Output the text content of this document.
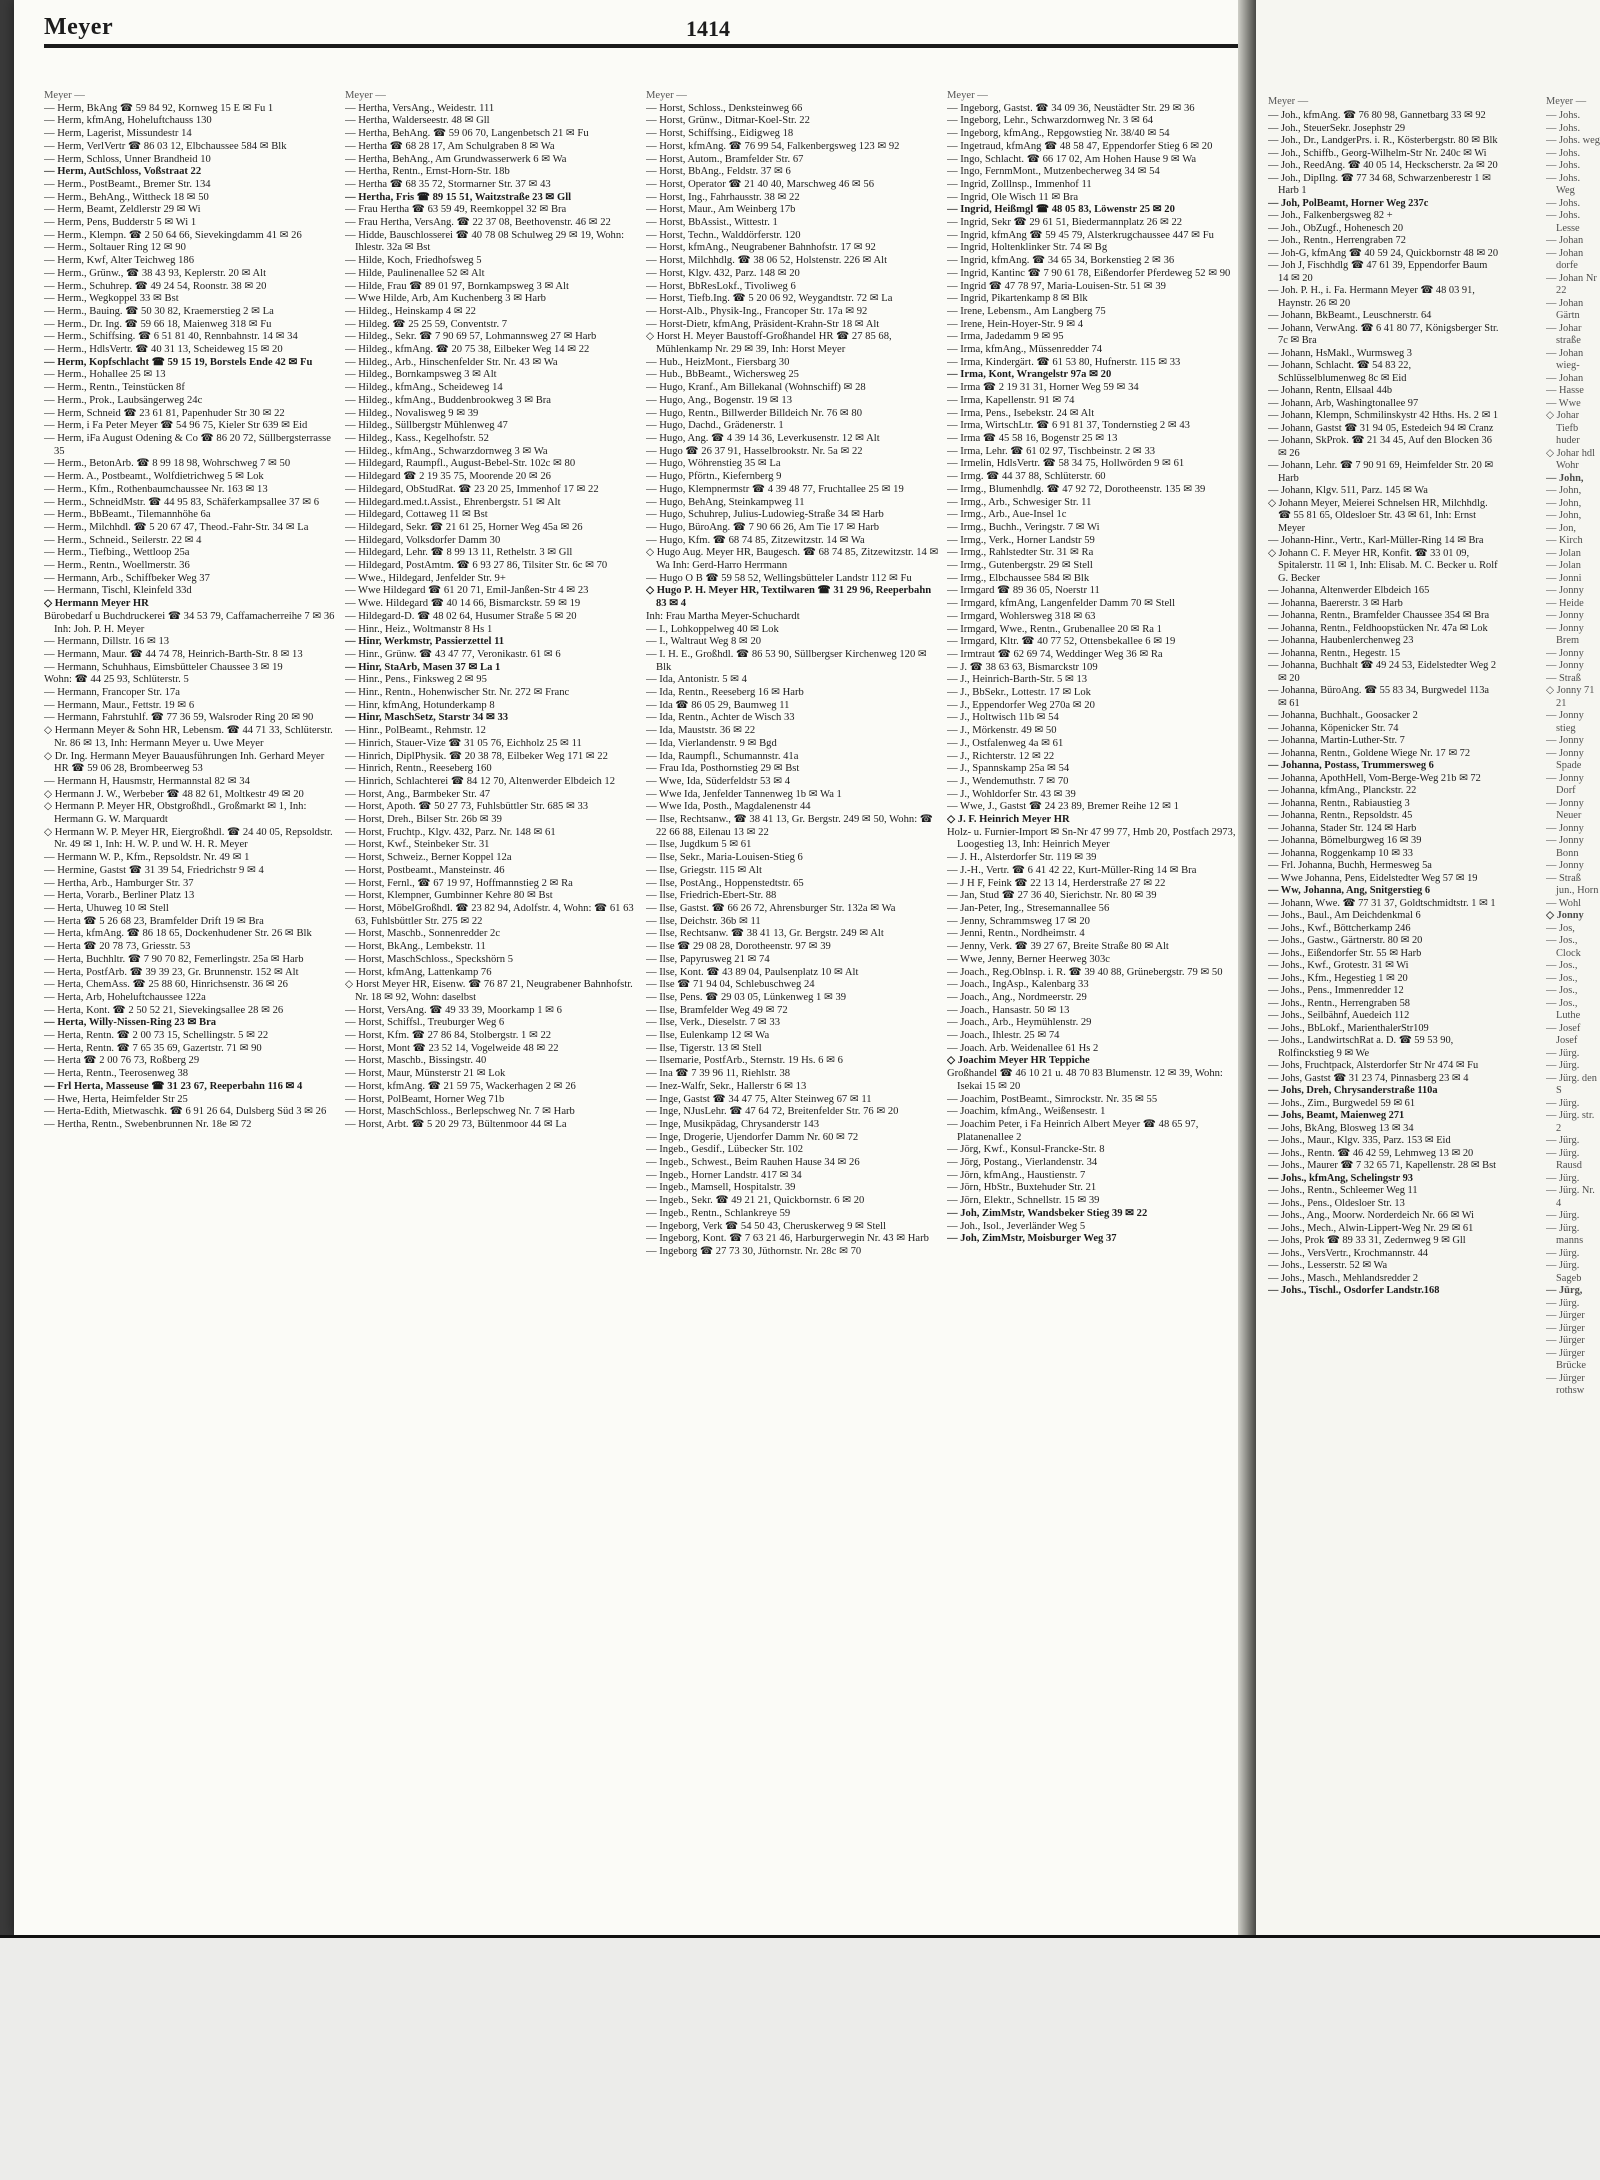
Meyer	1414
Meyer —

— Herm, BkAng ☎ 59 84 92, Kornweg 15 E ✉ Fu 1

— Herm, kfmAng, Hoheluftchauss 130

— Herm, Lagerist, Missundestr 14

— Herm, VerlVertr ☎ 86 03 12, Elbchaussee 584 ✉ Blk

— Herm, Schloss, Unner Brandheid 10

— Herm, AutSchloss, Voßstraat 22

— Herm., PostBeamt., Bremer Str. 134

— Herm., BehAng., Wittheck 18 ✉ 50

— Herm, Beamt, Zeldlerstr 29 ✉ Wi

— Herm, Pens, Budderstr 5 ✉ Wi 1

— Herm., Klempn. ☎ 2 50 64 66, Sievekingdamm 41 ✉ 26

— Herm., Soltauer Ring 12 ✉ 90

— Herm, Kwf, Alter Teichweg 186

— Herm., Grünw., ☎ 38 43 93, Keplerstr. 20 ✉ Alt

— Herm., Schuhrep. ☎ 49 24 54, Roonstr. 38 ✉ 20

— Herm., Wegkoppel 33 ✉ Bst

— Herm., Bauing. ☎ 50 30 82, Kraemerstieg 2 ✉ La

— Herm., Dr. Ing. ☎ 59 66 18, Maienweg 318 ✉ Fu

— Herm., Schiffsing. ☎ 6 51 81 40, Rennbahnstr. 14 ✉ 34

— Herm., HdlsVertr. ☎ 40 31 13, Scheideweg 15 ✉ 20

— Herm, Kopfschlacht ☎ 59 15 19, Borstels Ende 42 ✉ Fu

— Herm., Hohallee 25 ✉ 13

— Herm., Rentn., Teinstücken 8f

— Herm., Prok., Laubsängerweg 24c

— Herm, Schneid ☎ 23 61 81, Papenhuder Str 30 ✉ 22

— Herm, i Fa Peter Meyer ☎ 54 96 75, Kieler Str 639 ✉ Eid

— Herm, iFa August Odening & Co ☎ 86 20 72, Süllbergsterrasse 35

— Herm., BetonArb. ☎ 8 99 18 98, Wohrschweg 7 ✉ 50

— Herm. A., Postbeamt., Wolfdietrichweg 5 ✉ Lok

— Herm., Kfm., Rothenbaumchaussee Nr. 163 ✉ 13

— Herm., SchneidMstr. ☎ 44 95 83, Schäferkampsallee 37 ✉ 6

— Herm., BbBeamt., Tilemannhöhe 6a

— Herm., Milchhdl. ☎ 5 20 67 47, Theod.-Fahr-Str. 34 ✉ La

— Herm., Schneid., Seilerstr. 22 ✉ 4

— Herm., Tiefbing., Wettloop 25a

— Herm., Rentn., Woellmerstr. 36

— Hermann, Arb., Schiffbeker Weg 37

— Hermann, Tischl, Kleinfeld 33d

◇ Hermann Meyer HR

Bürobedarf u Buchdruckerei ☎ 34 53 79, Caffamacherreihe 7 ✉ 36 Inh: Joh. P. H. Meyer

— Hermann, Dillstr. 16 ✉ 13

— Hermann, Maur. ☎ 44 74 78, Heinrich-Barth-Str. 8 ✉ 13

— Hermann, Schuhhaus, Eimsbütteler Chaussee 3 ✉ 19

Wohn: ☎ 44 25 93, Schlüterstr. 5

— Hermann, Francoper Str. 17a

— Hermann, Maur., Fettstr. 19 ✉ 6

— Hermann, Fahrstuhlf. ☎ 77 36 59, Walsroder Ring 20 ✉ 90

◇ Hermann Meyer & Sohn HR, Lebensm. ☎ 44 71 33, Schlüterstr. Nr. 86 ✉ 13, Inh: Hermann Meyer u. Uwe Meyer

◇ Dr. Ing. Hermann Meyer Bauausführungen Inh. Gerhard Meyer HR ☎ 59 06 28, Brombeerweg 53

— Hermann H, Hausmstr, Hermannstal 82 ✉ 34

◇ Hermann J. W., Werbeber ☎ 48 82 61, Moltkestr 49 ✉ 20

◇ Hermann P. Meyer HR, Obstgroßhdl., Großmarkt ✉ 1, Inh: Hermann G. W. Marquardt

◇ Hermann W. P. Meyer HR, Eiergroßhdl. ☎ 24 40 05, Repsoldstr. Nr. 49 ✉ 1, Inh: H. W. P. und W. H. R. Meyer

— Hermann W. P., Kfm., Repsoldstr. Nr. 49 ✉ 1

— Hermine, Gastst ☎ 31 39 54, Friedrichstr 9 ✉ 4

— Hertha, Arb., Hamburger Str. 37

— Herta, Vorarb., Berliner Platz 13

— Herta, Uhuweg 10 ✉ Stell

— Herta ☎ 5 26 68 23, Bramfelder Drift 19 ✉ Bra

— Herta, kfmAng. ☎ 86 18 65, Dockenhudener Str. 26 ✉ Blk

— Herta ☎ 20 78 73, Griesstr. 53

— Herta, Buchhltr. ☎ 7 90 70 82, Femerlingstr. 25a ✉ Harb

— Herta, PostfArb. ☎ 39 39 23, Gr. Brunnenstr. 152 ✉ Alt

— Herta, ChemAss. ☎ 25 88 60, Hinrichsenstr. 36 ✉ 26

— Herta, Arb, Hoheluftchaussee 122a

— Herta, Kont. ☎ 2 50 52 21, Sievekingsallee 28 ✉ 26

— Herta, Willy-Nissen-Ring 23 ✉ Bra

— Herta, Rentn. ☎ 2 00 73 15, Schellingstr. 5 ✉ 22

— Herta, Rentn. ☎ 7 65 35 69, Gazertstr. 71 ✉ 90

— Herta ☎ 2 00 76 73, Roßberg 29

— Herta, Rentn., Teerosenweg 38

— Frl Herta, Masseuse ☎ 31 23 67, Reeperbahn 116 ✉ 4

— Hwe, Herta, Heimfelder Str 25

— Herta-Edith, Mietwaschk. ☎ 6 91 26 64, Dulsberg Süd 3 ✉ 26

— Hertha, Rentn., Swebenbrunnen Nr. 18e ✉ 72

Meyer —

— Hertha, VersAng., Weidestr. 111

— Hertha, Walderseestr. 48 ✉ Gll

— Hertha, BehAng. ☎ 59 06 70, Langenbetsch 21 ✉ Fu

— Hertha ☎ 68 28 17, Am Schulgraben 8 ✉ Wa

— Hertha, BehAng., Am Grundwasserwerk 6 ✉ Wa

— Hertha, Rentn., Ernst-Horn-Str. 18b

— Hertha ☎ 68 35 72, Stormarner Str. 37 ✉ 43

— Hertha, Fris ☎ 89 15 51, Waitzstraße 23 ✉ Gll

— Frau Hertha ☎ 63 59 49, Reemkoppel 32 ✉ Bra

— Frau Hertha, VersAng. ☎ 22 37 08, Beethovenstr. 46 ✉ 22

— Hidde, Bauschlosserei ☎ 40 78 08 Schulweg 29 ✉ 19, Wohn: Ihlestr. 32a ✉ Bst

— Hilde, Koch, Friedhofsweg 5

— Hilde, Paulinenallee 52 ✉ Alt

— Hilde, Frau ☎ 89 01 97, Bornkampsweg 3 ✉ Alt

— Wwe Hilde, Arb, Am Kuchenberg 3 ✉ Harb

— Hildeg., Heinskamp 4 ✉ 22

— Hildeg. ☎ 25 25 59, Conventstr. 7

— Hildeg., Sekr. ☎ 7 90 69 57, Lohmannsweg 27 ✉ Harb

— Hildeg., kfmAng. ☎ 20 75 38, Eilbeker Weg 14 ✉ 22

— Hildeg., Arb., Hinschenfelder Str. Nr. 43 ✉ Wa

— Hildeg., Bornkampsweg 3 ✉ Alt

— Hildeg., kfmAng., Scheideweg 14

— Hildeg., kfmAng., Buddenbrookweg 3 ✉ Bra

— Hildeg., Novalisweg 9 ✉ 39

— Hildeg., Süllbergstr Mühlenweg 47

— Hildeg., Kass., Kegelhofstr. 52

— Hildeg., kfmAng., Schwarzdornweg 3 ✉ Wa

— Hildegard, Raumpfl., August-Bebel-Str. 102c ✉ 80

— Hildegard ☎ 2 19 35 75, Moorende 20 ✉ 26

— Hildegard, ObStudRat. ☎ 23 20 25, Immenhof 17 ✉ 22

— Hildegard.med.t.Assist., Ehrenbergstr. 51 ✉ Alt

— Hildegard, Cottaweg 11 ✉ Bst

— Hildegard, Sekr. ☎ 21 61 25, Horner Weg 45a ✉ 26

— Hildegard, Volksdorfer Damm 30

— Hildegard, Lehr. ☎ 8 99 13 11, Rethelstr. 3 ✉ Gll

— Hildegard, PostAmtm. ☎ 6 93 27 86, Tilsiter Str. 6c ✉ 70

— Wwe., Hildegard, Jenfelder Str. 9+

— Wwe Hildegard ☎ 61 20 71, Emil-Janßen-Str 4 ✉ 23

— Wwe. Hildegard ☎ 40 14 66, Bismarckstr. 59 ✉ 19

— Hildegard-D. ☎ 48 02 64, Husumer Straße 5 ✉ 20

— Hinr., Heiz., Woltmanstr 8 Hs 1

— Hinr, Werkmstr, Passierzettel 11

— Hinr., Grünw. ☎ 43 47 77, Veronikastr. 61 ✉ 6

— Hinr, StaArb, Masen 37 ✉ La 1

— Hinr., Pens., Finksweg 2 ✉ 95

— Hinr., Rentn., Hohenwischer Str. Nr. 272 ✉ Franc

— Hinr, kfmAng, Hotunderkamp 8

— Hinr, MaschSetz, Starstr 34 ✉ 33

— Hinr., PolBeamt., Rehmstr. 12

— Hinrich, Stauer-Vize ☎ 31 05 76, Eichholz 25 ✉ 11

— Hinrich, DiplPhysik. ☎ 20 38 78, Eilbeker Weg 171 ✉ 22

— Hinrich, Rentn., Reeseberg 160

— Hinrich, Schlachterei ☎ 84 12 70, Altenwerder Elbdeich 12

— Horst, Ang., Barmbeker Str. 47

— Horst, Apoth. ☎ 50 27 73, Fuhlsbüttler Str. 685 ✉ 33

— Horst, Dreh., Bilser Str. 26b ✉ 39

— Horst, Fruchtp., Klgv. 432, Parz. Nr. 148 ✉ 61

— Horst, Kwf., Steinbeker Str. 31

— Horst, Schweiz., Berner Koppel 12a

— Horst, Postbeamt., Mansteinstr. 46

— Horst, Fernl., ☎ 67 19 97, Hoffmannstieg 2 ✉ Ra

— Horst, Klempner, Gumbinner Kehre 80 ✉ Bst

— Horst, MöbelGroßhdl. ☎ 23 82 94, Adolfstr. 4, Wohn: ☎ 61 63 63, Fuhlsbüttler Str. 275 ✉ 22

— Horst, Maschb., Sonnenredder 2c

— Horst, BkAng., Lembekstr. 11

— Horst, MaschSchloss., Speckshörn 5

— Horst, kfmAng, Lattenkamp 76

◇ Horst Meyer HR, Eisenw. ☎ 76 87 21, Neugrabener Bahnhofstr. Nr. 18 ✉ 92, Wohn: daselbst

— Horst, VersAng. ☎ 49 33 39, Moorkamp 1 ✉ 6

— Horst, Schiffsl., Treuburger Weg 6

— Horst, Kfm. ☎ 27 86 84, Stolbergstr. 1 ✉ 22

— Horst, Mont ☎ 23 52 14, Vogelweide 48 ✉ 22

— Horst, Maschb., Bissingstr. 40

— Horst, Maur, Münsterstr 21 ✉ Lok

— Horst, kfmAng. ☎ 21 59 75, Wackerhagen 2 ✉ 26

— Horst, PolBeamt, Horner Weg 71b

— Horst, MaschSchloss., Berlepschweg Nr. 7 ✉ Harb

— Horst, Arbt. ☎ 5 20 29 73, Bültenmoor 44 ✉ La

Meyer —

— Horst, Schloss., Denksteinweg 66

— Horst, Grünw., Ditmar-Koel-Str. 22

— Horst, Schiffsing., Eidigweg 18

— Horst, kfmAng. ☎ 76 99 54, Falkenbergsweg 123 ✉ 92

— Horst, Autom., Bramfelder Str. 67

— Horst, BbAng., Feldstr. 37 ✉ 6

— Horst, Operator ☎ 21 40 40, Marschweg 46 ✉ 56

— Horst, Ing., Fahrhausstr. 38 ✉ 22

— Horst, Maur., Am Weinberg 17b

— Horst, BbAssist., Wittestr. 1

— Horst, Techn., Walddörferstr. 120

— Horst, kfmAng., Neugrabener Bahnhofstr. 17 ✉ 92

— Horst, Milchhdlg. ☎ 38 06 52, Holstenstr. 226 ✉ Alt

— Horst, Klgv. 432, Parz. 148 ✉ 20

— Horst, BbResLokf., Tivoliweg 6

— Horst, Tiefb.Ing. ☎ 5 20 06 92, Weygandtstr. 72 ✉ La

— Horst-Alb., Physik-Ing., Francoper Str. 17a ✉ 92

— Horst-Dietr, kfmAng, Präsident-Krahn-Str 18 ✉ Alt

◇ Horst H. Meyer Baustoff-Großhandel HR ☎ 27 85 68, Mühlenkamp Nr. 29 ✉ 39, Inh: Horst Meyer

— Hub., HeizMont., Fiersbarg 30

— Hub., BbBeamt., Wichersweg 25

— Hugo, Kranf., Am Billekanal (Wohnschiff) ✉ 28

— Hugo, Ang., Bogenstr. 19 ✉ 13

— Hugo, Rentn., Billwerder Billdeich Nr. 76 ✉ 80

— Hugo, Dachd., Grädenerstr. 1

— Hugo, Ang. ☎ 4 39 14 36, Leverkusenstr. 12 ✉ Alt

— Hugo ☎ 26 37 91, Hasselbrookstr. Nr. 5a ✉ 22

— Hugo, Wöhrenstieg 35 ✉ La

— Hugo, Pförtn., Kiefernberg 9

— Hugo, Klempnermstr ☎ 4 39 48 77, Fruchtallee 25 ✉ 19

— Hugo, BehAng, Steinkampweg 11

— Hugo, Schuhrep, Julius-Ludowieg-Straße 34 ✉ Harb

— Hugo, BüroAng. ☎ 7 90 66 26, Am Tie 17 ✉ Harb

— Hugo, Kfm. ☎ 68 74 85, Zitzewitzstr. 14 ✉ Wa

◇ Hugo Aug. Meyer HR, Baugesch. ☎ 68 74 85, Zitzewitzstr. 14 ✉ Wa Inh: Gerd-Harro Herrmann

— Hugo O B ☎ 59 58 52, Wellingsbütteler Landstr 112 ✉ Fu

◇ Hugo P. H. Meyer HR, Textilwaren ☎ 31 29 96, Reeperbahn 83 ✉ 4

Inh: Frau Martha Meyer-Schuchardt

— I., Lohkoppelweg 40 ✉ Lok

— I., Waltraut Weg 8 ✉ 20

— I. H. E., Großhdl. ☎ 86 53 90, Süllbergser Kirchenweg 120 ✉ Blk

— Ida, Antonistr. 5 ✉ 4

— Ida, Rentn., Reeseberg 16 ✉ Harb

— Ida ☎ 86 05 29, Baumweg 11

— Ida, Rentn., Achter de Wisch 33

— Ida, Mauststr. 36 ✉ 22

— Ida, Vierlandenstr. 9 ✉ Bgd

— Ida, Raumpfl., Schumannstr. 41a

— Frau Ida, Posthornstieg 29 ✉ Bst

— Wwe, Ida, Süderfeldstr 53 ✉ 4

— Wwe Ida, Jenfelder Tannenweg 1b ✉ Wa 1

— Wwe Ida, Posth., Magdalenenstr 44

— Ilse, Rechtsanw., ☎ 38 41 13, Gr. Bergstr. 249 ✉ 50, Wohn: ☎ 22 66 88, Eilenau 13 ✉ 22

— Ilse, Jugdkum 5 ✉ 61

— Ilse, Sekr., Maria-Louisen-Stieg 6

— Ilse, Griegstr. 115 ✉ Alt

— Ilse, PostAng., Hoppenstedtstr. 65

— Ilse, Friedrich-Ebert-Str. 88

— Ilse, Gastst. ☎ 66 26 72, Ahrensburger Str. 132a ✉ Wa

— Ilse, Deichstr. 36b ✉ 11

— Ilse, Rechtsanw. ☎ 38 41 13, Gr. Bergstr. 249 ✉ Alt

— Ilse ☎ 29 08 28, Dorotheenstr. 97 ✉ 39

— Ilse, Papyrusweg 21 ✉ 74

— Ilse, Kont. ☎ 43 89 04, Paulsenplatz 10 ✉ Alt

— Ilse ☎ 71 94 04, Schlebuschweg 24

— Ilse, Pens. ☎ 29 03 05, Lünkenweg 1 ✉ 39

— Ilse, Bramfelder Weg 49 ✉ 72

— Ilse, Verk., Dieselstr. 7 ✉ 33

— Ilse, Eulenkamp 12 ✉ Wa

— Ilse, Tigerstr. 13 ✉ Stell

— Ilsemarie, PostfArb., Sternstr. 19 Hs. 6 ✉ 6

— Ina ☎ 7 39 96 11, Riehlstr. 38

— Inez-Walfr, Sekr., Hallerstr 6 ✉ 13

— Inge, Gastst ☎ 34 47 75, Alter Steinweg 67 ✉ 11

— Inge, NJusLehr. ☎ 47 64 72, Breitenfelder Str. 76 ✉ 20

— Inge, Musikpädag, Chrysanderstr 143

— Inge, Drogerie, Ujendorfer Damm Nr. 60 ✉ 72

— Ingeb., Gesdif., Lübecker Str. 102

— Ingeb., Schwest., Beim Rauhen Hause 34 ✉ 26

— Ingeb., Horner Landstr. 417 ✉ 34

— Ingeb., Mamsell, Hospitalstr. 39

— Ingeb., Sekr. ☎ 49 21 21, Quickbornstr. 6 ✉ 20

— Ingeb., Rentn., Schlankreye 59

— Ingeborg, Verk ☎ 54 50 43, Cheruskerweg 9 ✉ Stell

— Ingeborg, Kont. ☎ 7 63 21 46, Harburgerwegin Nr. 43 ✉ Harb

— Ingeborg ☎ 27 73 30, Jüthornstr. Nr. 28c ✉ 70

Meyer —

— Ingeborg, Gastst. ☎ 34 09 36, Neustädter Str. 29 ✉ 36

— Ingeborg, Lehr., Schwarzdornweg Nr. 3 ✉ 64

— Ingeborg, kfmAng., Repgowstieg Nr. 38/40 ✉ 54

— Ingetraud, kfmAng ☎ 48 58 47, Eppendorfer Stieg 6 ✉ 20

— Ingo, Schlacht. ☎ 66 17 02, Am Hohen Hause 9 ✉ Wa

— Ingo, FernmMont., Mutzenbecherweg 34 ✉ 54

— Ingrid, Zolllnsp., Immenhof 11

— Ingrid, Ole Wisch 11 ✉ Bra

— Ingrid, Heißmgl ☎ 48 05 83, Löwenstr 25 ✉ 20

— Ingrid, Sekr ☎ 29 61 51, Biedermannplatz 26 ✉ 22

— Ingrid, kfmAng ☎ 59 45 79, Alsterkrugchaussee 447 ✉ Fu

— Ingrid, Holtenklinker Str. 74 ✉ Bg

— Ingrid, kfmAng. ☎ 34 65 34, Borkenstieg 2 ✉ 36

— Ingrid, Kantinc ☎ 7 90 61 78, Eißendorfer Pferdeweg 52 ✉ 90

— Ingrid ☎ 47 78 97, Maria-Louisen-Str. 51 ✉ 39

— Ingrid, Pikartenkamp 8 ✉ Blk

— Irene, Lebensm., Am Langberg 75

— Irene, Hein-Hoyer-Str. 9 ✉ 4

— Irma, Jadedamm 9 ✉ 95

— Irma, kfmAng., Müssenredder 74

— Irma, Kindergärt. ☎ 61 53 80, Hufnerstr. 115 ✉ 33

— Irma, Kont, Wrangelstr 97a ✉ 20

— Irma ☎ 2 19 31 31, Horner Weg 59 ✉ 34

— Irma, Kapellenstr. 91 ✉ 74

— Irma, Pens., Isebekstr. 24 ✉ Alt

— Irma, WirtschLtr. ☎ 6 91 81 37, Tondernstieg 2 ✉ 43

— Irma ☎ 45 58 16, Bogenstr 25 ✉ 13

— Irma, Lehr. ☎ 61 02 97, Tischbeinstr. 2 ✉ 33

— Irmelin, HdlsVertr. ☎ 58 34 75, Hollwörden 9 ✉ 61

— Irmg. ☎ 44 37 88, Schlüterstr. 60

— Irmg., Blumenhdlg. ☎ 47 92 72, Dorotheenstr. 135 ✉ 39

— Irmg., Arb., Schwesiger Str. 11

— Irmg., Arb., Aue-Insel 1c

— Irmg., Buchh., Veringstr. 7 ✉ Wi

— Irmg., Verk., Horner Landstr 59

— Irmg., Rahlstedter Str. 31 ✉ Ra

— Irmg., Gutenbergstr. 29 ✉ Stell

— Irmg., Elbchaussee 584 ✉ Blk

— Irmgard ☎ 89 36 05, Noerstr 11

— Irmgard, kfmAng, Langenfelder Damm 70 ✉ Stell

— Irmgard, Wohlersweg 318 ✉ 63

— Irmgard, Wwe., Rentn., Grubenallee 20 ✉ Ra 1

— Irmgard, Kltr. ☎ 40 77 52, Ottensbekallee 6 ✉ 19

— Irmtraut ☎ 62 69 74, Weddinger Weg 36 ✉ Ra

— J. ☎ 38 63 63, Bismarckstr 109

— J., Heinrich-Barth-Str. 5 ✉ 13

— J., BbSekr., Lottestr. 17 ✉ Lok

— J., Eppendorfer Weg 270a ✉ 20

— J., Holtwisch 11b ✉ 54

— J., Mörkenstr. 49 ✉ 50

— J., Ostfalenweg 4a ✉ 61

— J., Richterstr. 12 ✉ 22

— J., Spannskamp 25a ✉ 54

— J., Wendemuthstr. 7 ✉ 70

— J., Wohldorfer Str. 43 ✉ 39

— Wwe, J., Gastst ☎ 24 23 89, Bremer Reihe 12 ✉ 1

◇ J. F. Heinrich Meyer HR

Holz- u. Furnier-Import ✉ Sn-Nr 47 99 77, Hmb 20, Postfach 2973, Loogestieg 13, Inh: Heinrich Meyer

— J. H., Alsterdorfer Str. 119 ✉ 39

— J.-H., Vertr. ☎ 6 41 42 22, Kurt-Müller-Ring 14 ✉ Bra

— J H F, Feink ☎ 22 13 14, Herderstraße 27 ✉ 22

— Jan, Stud ☎ 27 36 40, Sierichstr. Nr. 80 ✉ 39

— Jan-Peter, Ing., Stresemannallee 56

— Jenny, Schrammsweg 17 ✉ 20

— Jenni, Rentn., Nordheimstr. 4

— Jenny, Verk. ☎ 39 27 67, Breite Straße 80 ✉ Alt

— Wwe, Jenny, Berner Heerweg 303c

— Joach., Reg.Oblnsp. i. R. ☎ 39 40 88, Grünebergstr. 79 ✉ 50

— Joach., IngAsp., Kalenbarg 33

— Joach., Ang., Nordmeerstr. 29

— Joach., Hansastr. 50 ✉ 13

— Joach., Arb., Heymühlenstr. 29

— Joach., Ihlestr. 25 ✉ 74

— Joach. Arb. Weidenallee 61 Hs 2

◇ Joachim Meyer HR Teppiche

Großhandel ☎ 46 10 21 u. 48 70 83 Blumenstr. 12 ✉ 39, Wohn: Isekai 15 ✉ 20

— Joachim, PostBeamt., Simrockstr. Nr. 35 ✉ 55

— Joachim, kfmAng., Weißensestr. 1

— Joachim Peter, i Fa Heinrich Albert Meyer ☎ 48 65 97, Platanenallee 2

— Jörg, Kwf., Konsul-Francke-Str. 8

— Jörg, Postang., Vierlandenstr. 34

— Jörn, kfmAng., Haustienstr. 7

— Jörn, HbStr., Buxtehuder Str. 21

— Jörn, Elektr., Schnellstr. 15 ✉ 39

— Joh, ZimMstr, Wandsbeker Stieg 39 ✉ 22

— Joh., Isol., Jeverländer Weg 5

— Joh, ZimMstr, Moisburger Weg 37

Meyer —

— Joh., kfmAng. ☎ 76 80 98, Gannetbarg 33 ✉ 92

— Joh., SteuerSekr. Josephstr 29

— Joh., Dr., LandgerPrs. i. R., Kösterbergstr. 80 ✉ Blk

— Joh., Schiffb., Georg-Wilhelm-Str Nr. 240c ✉ Wi

— Joh., ReedAng. ☎ 40 05 14, Heckscherstr. 2a ✉ 20

— Joh., DipIlng. ☎ 77 34 68, Schwarzenberestr 1 ✉ Harb 1

— Joh, PolBeamt, Horner Weg 237c

— Joh., Falkenbergsweg 82 +

— Joh., ObZugf., Hohenesch 20

— Joh., Rentn., Herrengraben 72

— Joh-G, kfmAng ☎ 40 59 24, Quickbornstr 48 ✉ 20

— Joh J, Fischhdlg ☎ 47 61 39, Eppendorfer Baum 14 ✉ 20

— Joh. P. H., i. Fa. Hermann Meyer ☎ 48 03 91, Haynstr. 26 ✉ 20

— Johann, BkBeamt., Leuschnerstr. 64

— Johann, VerwAng. ☎ 6 41 80 77, Königsberger Str. 7c ✉ Bra

— Johann, HsMakl., Wurmsweg 3

— Johann, Schlacht. ☎ 54 83 22, Schlüsselblumenweg 8c ✉ Eid

— Johann, Rentn, Ellsaal 44b

— Johann, Arb, Washingtonallee 97

— Johann, Klempn, Schmilinskystr 42 Hths. Hs. 2 ✉ 1

— Johann, Gastst ☎ 31 94 05, Estedeich 94 ✉ Cranz

— Johann, SkProk. ☎ 21 34 45, Auf den Blocken 36 ✉ 26

— Johann, Lehr. ☎ 7 90 91 69, Heimfelder Str. 20 ✉ Harb

— Johann, Klgv. 511, Parz. 145 ✉ Wa

◇ Johann Meyer, Meierei Schnelsen HR, Milchhdlg. ☎ 55 81 65, Oldesloer Str. 43 ✉ 61, Inh: Ernst Meyer

— Johann-Hinr., Vertr., Karl-Müller-Ring 14 ✉ Bra

◇ Johann C. F. Meyer HR, Konfit. ☎ 33 01 09, Spitalerstr. 11 ✉ 1, Inh: Elisab. M. C. Becker u. Rolf G. Becker

— Johanna, Altenwerder Elbdeich 165

— Johanna, Baererstr. 3 ✉ Harb

— Johanna, Rentn., Bramfelder Chaussee 354 ✉ Bra

— Johanna, Rentn., Feldhoopstücken Nr. 47a ✉ Lok

— Johanna, Haubenlerchenweg 23

— Johanna, Rentn., Hegestr. 15

— Johanna, Buchhalt ☎ 49 24 53, Eidelstedter Weg 2 ✉ 20

— Johanna, BüroAng. ☎ 55 83 34, Burgwedel 113a ✉ 61

— Johanna, Buchhalt., Goosacker 2

— Johanna, Köpenicker Str. 74

— Johanna, Martin-Luther-Str. 7

— Johanna, Rentn., Goldene Wiege Nr. 17 ✉ 72

— Johanna, Postass, Trummersweg 6

— Johanna, ApothHell, Vom-Berge-Weg 21b ✉ 72

— Johanna, kfmAng., Planckstr. 22

— Johanna, Rentn., Rabiaustieg 3

— Johanna, Rentn., Repsoldstr. 45

— Johanna, Stader Str. 124 ✉ Harb

— Johanna, Bömelburgweg 16 ✉ 39

— Johanna, Roggenkamp 10 ✉ 33

— Frl. Johanna, Buchh, Hermesweg 5a

— Wwe Johanna, Pens, Eidelstedter Weg 57 ✉ 19

— Ww, Johanna, Ang, Snitgerstieg 6

— Johann, Wwe. ☎ 77 31 37, Goldtschmidtstr. 1 ✉ 1

— Johs., Baul., Am Deichdenkmal 6

— Johs., Kwf., Böttcherkamp 246

— Johs., Gastw., Gärtnerstr. 80 ✉ 20

— Johs., Eißendorfer Str. 55 ✉ Harb

— Johs., Kwf., Grotestr. 31 ✉ Wi

— Johs., Kfm., Hegestieg 1 ✉ 20

— Johs., Pens., Immenredder 12

— Johs., Rentn., Herrengraben 58

— Johs., Seilbähnf, Auedeich 112

— Johs., BbLokf., MarienthalerStr109

— Johs., LandwirtschRat a. D. ☎ 59 53 90, Rolfinckstieg 9 ✉ We

— Johs, Fruchtpack, Alsterdorfer Str Nr 474 ✉ Fu

— Johs, Gastst ☎ 31 23 74, Pinnasberg 23 ✉ 4

— Johs, Dreh, Chrysanderstraße 110a

— Johs., Zim., Burgwedel 59 ✉ 61

— Johs, Beamt, Maienweg 271

— Johs, BkAng, Blosweg 13 ✉ 34

— Johs., Maur., Klgv. 335, Parz. 153 ✉ Eid

— Johs., Rentn. ☎ 46 42 59, Lehmweg 13 ✉ 20

— Johs., Maurer ☎ 7 32 65 71, Kapellenstr. 28 ✉ Bst

— Johs., kfmAng, Schelingstr 93

— Johs., Rentn., Schleemer Weg 11

— Johs., Pens., Oldesloer Str. 13

— Johs., Ang., Moorw. Norderdeich Nr. 66 ✉ Wi

— Johs., Mech., Alwin-Lippert-Weg Nr. 29 ✉ 61

— Johs, Prok ☎ 89 33 31, Zedernweg 9 ✉ Gll

— Johs., VersVertr., Krochmannstr. 44

— Johs., Lesserstr. 52 ✉ Wa

— Johs., Masch., Mehlandsredder 2

— Johs., Tischl., Osdorfer Landstr.168

Meyer —

— Johs.

— Johs.

— Johs. weg

— Johs.

— Johs.

— Johs. Weg

— Johs.

— Johs. Lesse

— Johan

— Johan dorfe

— Johan Nr 22

— Johan Gärtn

— Johar straße

— Johan wieg-

— Johan

— Hasse

— Wwe

◇ Johar Tiefb huder

◇ Johar hdl Wohr

— John,

— John,

— John,

— John,

— Jon,

— Kirch

— Jolan

— Jolan

— Jonni

— Jonny

— Heide

— Jonny

— Jonny Brem

— Jonny

— Jonny

— Straß

◇ Jonny 71 21

— Jonny stieg

— Jonny

— Jonny Spade

— Jonny Dorf

— Jonny Neuer

— Jonny

— Jonny Bonn

— Jonny

— Straß jun., Horn

— Wohl

◇ Jonny

— Jos,

— Jos., Clock

— Jos.,

— Jos.,

— Jos.,

— Jos., Luthe

— Josef Josef

— Jürg.

— Jürg.

— Jürg. den S

— Jürg.

— Jürg. str. 2

— Jürg.

— Jürg. Rausd

— Jürg.

— Jürg. Nr. 4

— Jürg.

— Jürg. manns

— Jürg.

— Jürg. Sageb

— Jürg,

— Jürg.

— Jürger

— Jürger

— Jürger

— Jürger Brücke

— Jürger rothsw
